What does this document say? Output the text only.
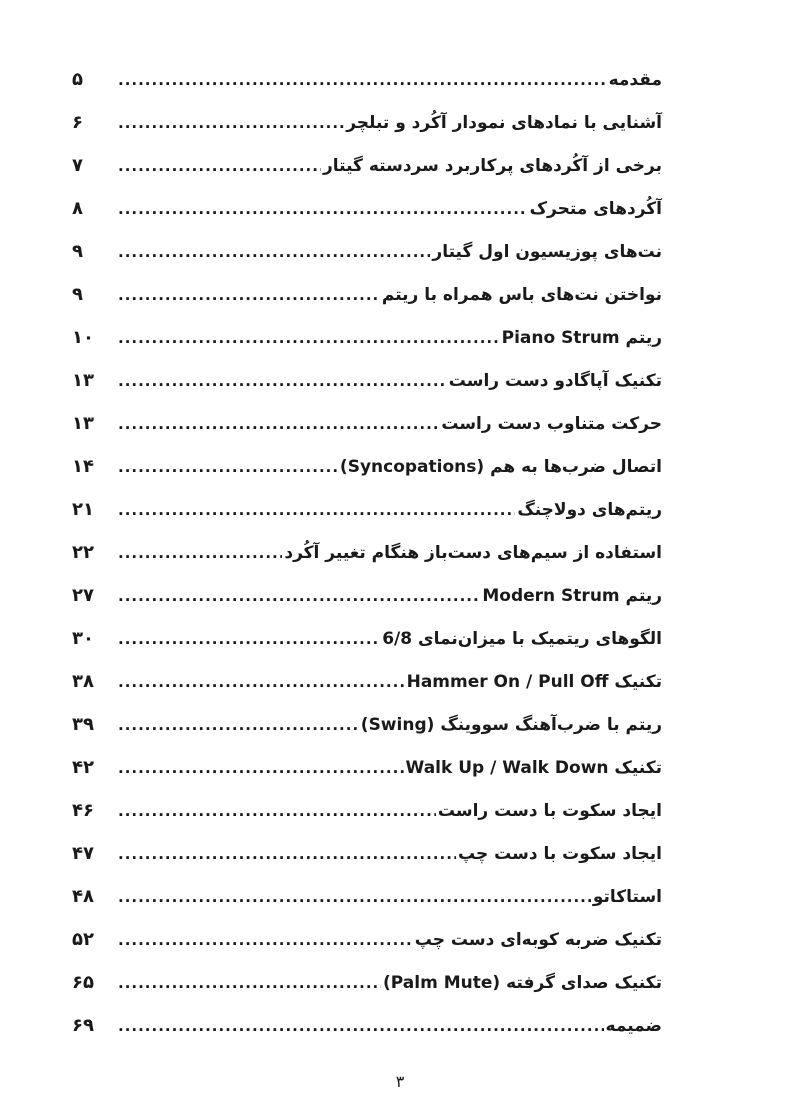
مقدمه
.....
۵
آشنایی با نمادهای نمودار آکُرد و تبلچر
.....
۶
برخی از آکُردهای پرکاربرد سردسته گیتار
.....
۷
آکُردهای متحرک
.....
۸
نت‌های پوزیسیون اول گیتار
.....
۹
نواختن نت‌های باس همراه با ریتم
.....
۹
ریتم Piano Strum
.....
۱۰
تکنیک آپاگادو دست راست
.....
۱۳
حرکت متناوب دست راست
.....
۱۳
اتصال ضرب‌ها به هم (Syncopations)
.....
۱۴
ریتم‌های دولاچنگ
.....
۲۱
استفاده از سیم‌های دست‌باز هنگام تغییر آکُرد
.....
۲۲
ریتم Modern Strum
.....
۲۷
الگوهای ریتمیک با میزان‌نمای 6/8
.....
۳۰
تکنیک Hammer On / Pull Off
.....
۳۸
ریتم با ضرب‌آهنگ سووینگ (Swing)
.....
۳۹
تکنیک Walk Up / Walk Down
.....
۴۲
ایجاد سکوت با دست راست
.....
۴۶
ایجاد سکوت با دست چپ
.....
۴۷
استاکاتو
.....
۴۸
تکنیک ضربه کوبه‌ای دست چپ
.....
۵۲
تکنیک صدای گرفته (Palm Mute)
.....
۶۵
ضمیمه
.....
۶۹
۳
